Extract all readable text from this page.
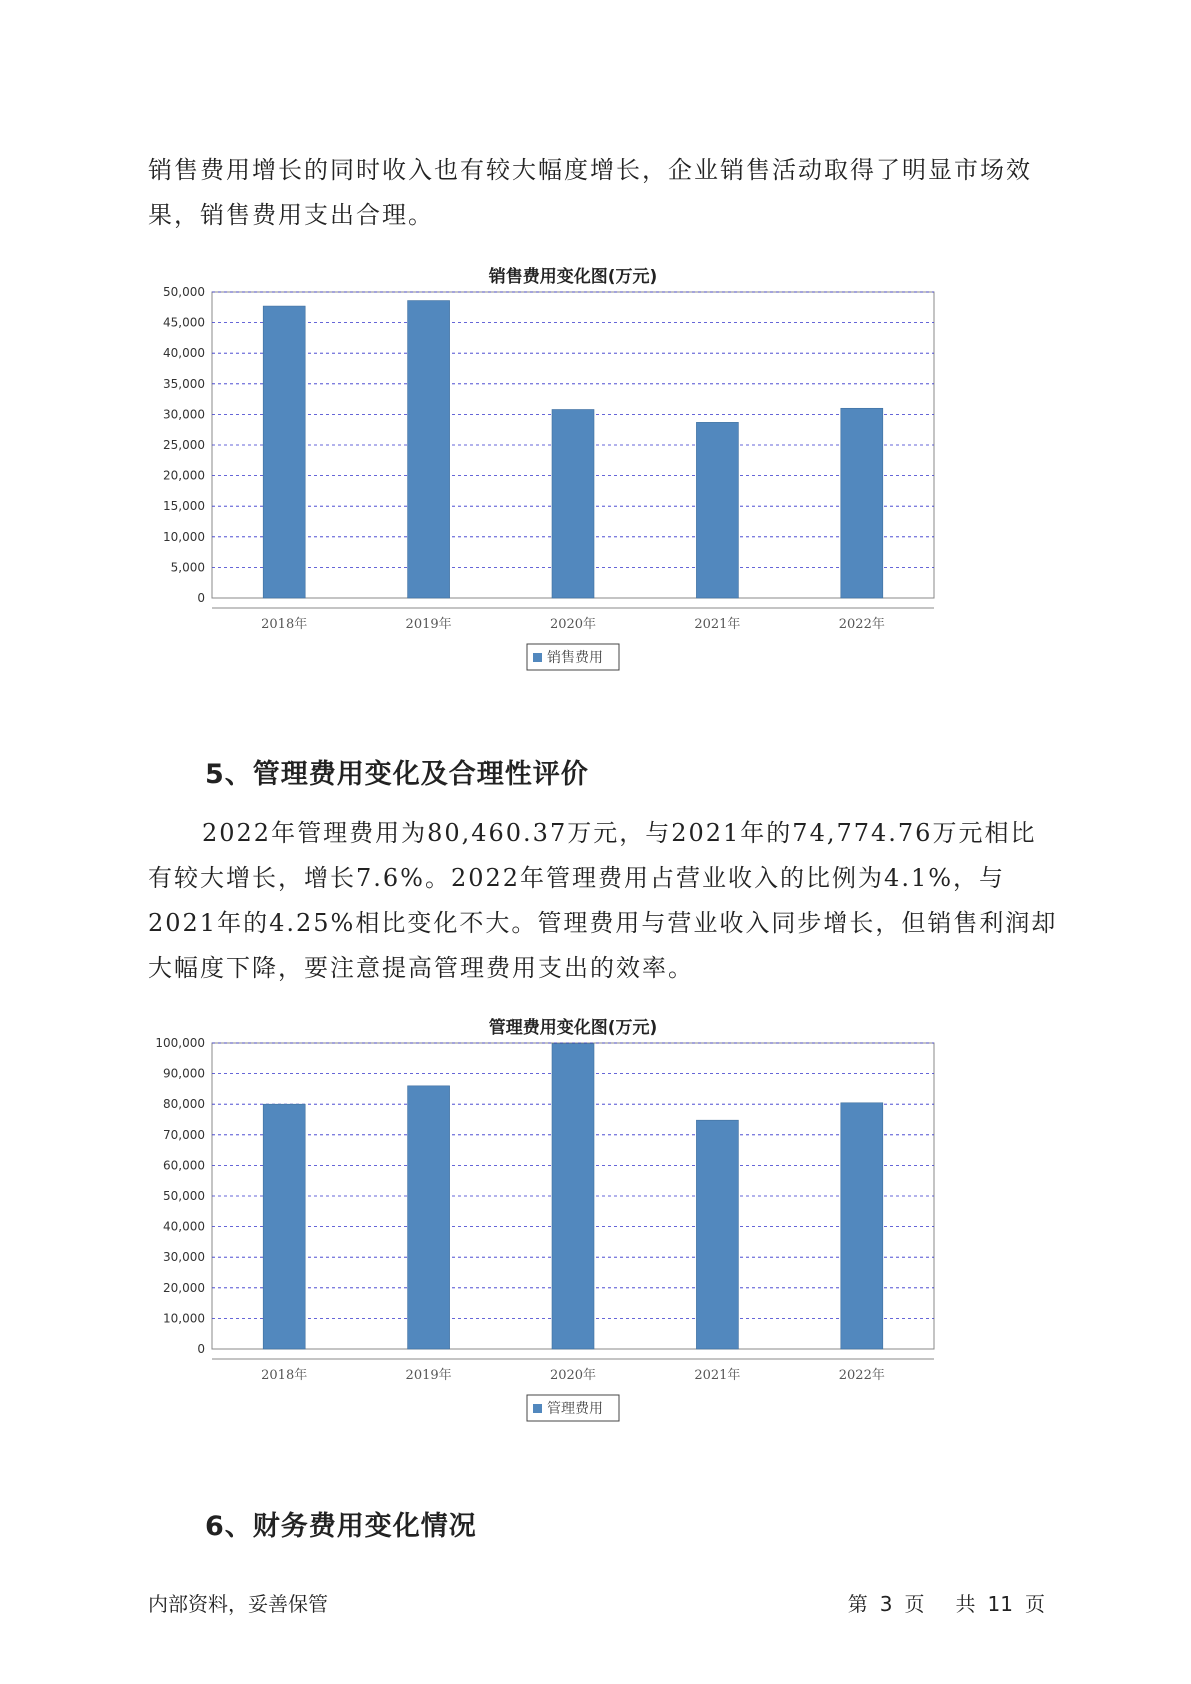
销售费用增长的同时收入也有较大幅度增长，企业销售活动取得了明显市场效果，销售费用支出合理。

销售费用变化图(万元)
0
5,000
10,000
15,000
20,000
25,000
30,000
35,000
40,000
45,000
50,000
2018年	2019年	2020年	2021年	2022年
销售费用
5、管理费用变化及合理性评价

2022年管理费用为80,460.37万元，与2021年的74,774.76万元相比有较大增长，增长7.6%。2022年管理费用占营业收入的比例为4.1%，与2021年的4.25%相比变化不大。管理费用与营业收入同步增长，但销售利润却大幅度下降，要注意提高管理费用支出的效率。

管理费用变化图(万元)
0
10,000
20,000
30,000
40,000
50,000
60,000
70,000
80,000
90,000
100,000
2018年	2019年	2020年	2021年	2022年
管理费用
6、财务费用变化情况
内部资料，妥善保管	第 3 页 共 11 页
